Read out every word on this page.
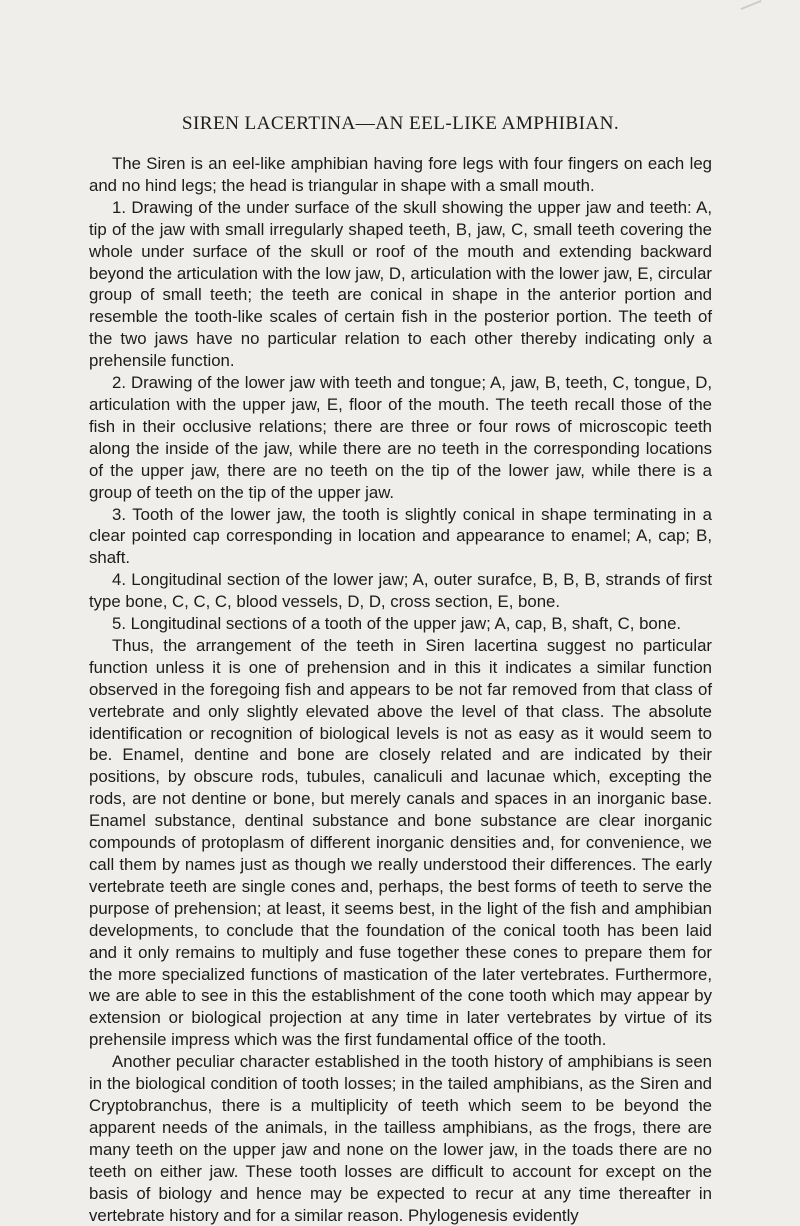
SIREN LACERTINA—AN EEL-LIKE AMPHIBIAN.

The Siren is an eel-like amphibian having fore legs with four fingers on each leg and no hind legs; the head is triangular in shape with a small mouth.

1. Drawing of the under surface of the skull showing the upper jaw and teeth: A, tip of the jaw with small irregularly shaped teeth, B, jaw, C, small teeth covering the whole under surface of the skull or roof of the mouth and extending backward beyond the articulation with the low jaw, D, articulation with the lower jaw, E, circular group of small teeth; the teeth are conical in shape in the anterior portion and resemble the tooth-like scales of certain fish in the posterior portion. The teeth of the two jaws have no particular relation to each other thereby indicating only a prehensile function.

2. Drawing of the lower jaw with teeth and tongue; A, jaw, B, teeth, C, tongue, D, articulation with the upper jaw, E, floor of the mouth. The teeth recall those of the fish in their occlusive relations; there are three or four rows of microscopic teeth along the inside of the jaw, while there are no teeth in the corresponding locations of the upper jaw, there are no teeth on the tip of the lower jaw, while there is a group of teeth on the tip of the upper jaw.

3. Tooth of the lower jaw, the tooth is slightly conical in shape terminating in a clear pointed cap corresponding in location and appearance to enamel; A, cap; B, shaft.

4. Longitudinal section of the lower jaw; A, outer surafce, B, B, B, strands of first type bone, C, C, C, blood vessels, D, D, cross section, E, bone.

5. Longitudinal sections of a tooth of the upper jaw; A, cap, B, shaft, C, bone.

Thus, the arrangement of the teeth in Siren lacertina suggest no particular function unless it is one of prehension and in this it indicates a similar function observed in the foregoing fish and appears to be not far removed from that class of vertebrate and only slightly elevated above the level of that class. The absolute identification or recognition of biological levels is not as easy as it would seem to be. Enamel, dentine and bone are closely related and are indicated by their positions, by obscure rods, tubules, canaliculi and lacunae which, excepting the rods, are not dentine or bone, but merely canals and spaces in an inorganic base. Enamel substance, dentinal substance and bone substance are clear inorganic compounds of protoplasm of different inorganic densities and, for convenience, we call them by names just as though we really understood their differences. The early vertebrate teeth are single cones and, perhaps, the best forms of teeth to serve the purpose of prehension; at least, it seems best, in the light of the fish and amphibian developments, to conclude that the foundation of the conical tooth has been laid and it only remains to multiply and fuse together these cones to prepare them for the more specialized functions of mastication of the later vertebrates. Furthermore, we are able to see in this the establishment of the cone tooth which may appear by extension or biological projection at any time in later vertebrates by virtue of its prehensile impress which was the first fundamental office of the tooth.

Another peculiar character established in the tooth history of amphibians is seen in the biological condition of tooth losses; in the tailed amphibians, as the Siren and Cryptobranchus, there is a multiplicity of teeth which seem to be beyond the apparent needs of the animals, in the tailless amphibians, as the frogs, there are many teeth on the upper jaw and none on the lower jaw, in the toads there are no teeth on either jaw. These tooth losses are difficult to account for except on the basis of biology and hence may be expected to recur at any time thereafter in vertebrate history and for a similar reason. Phylogenesis evidently
